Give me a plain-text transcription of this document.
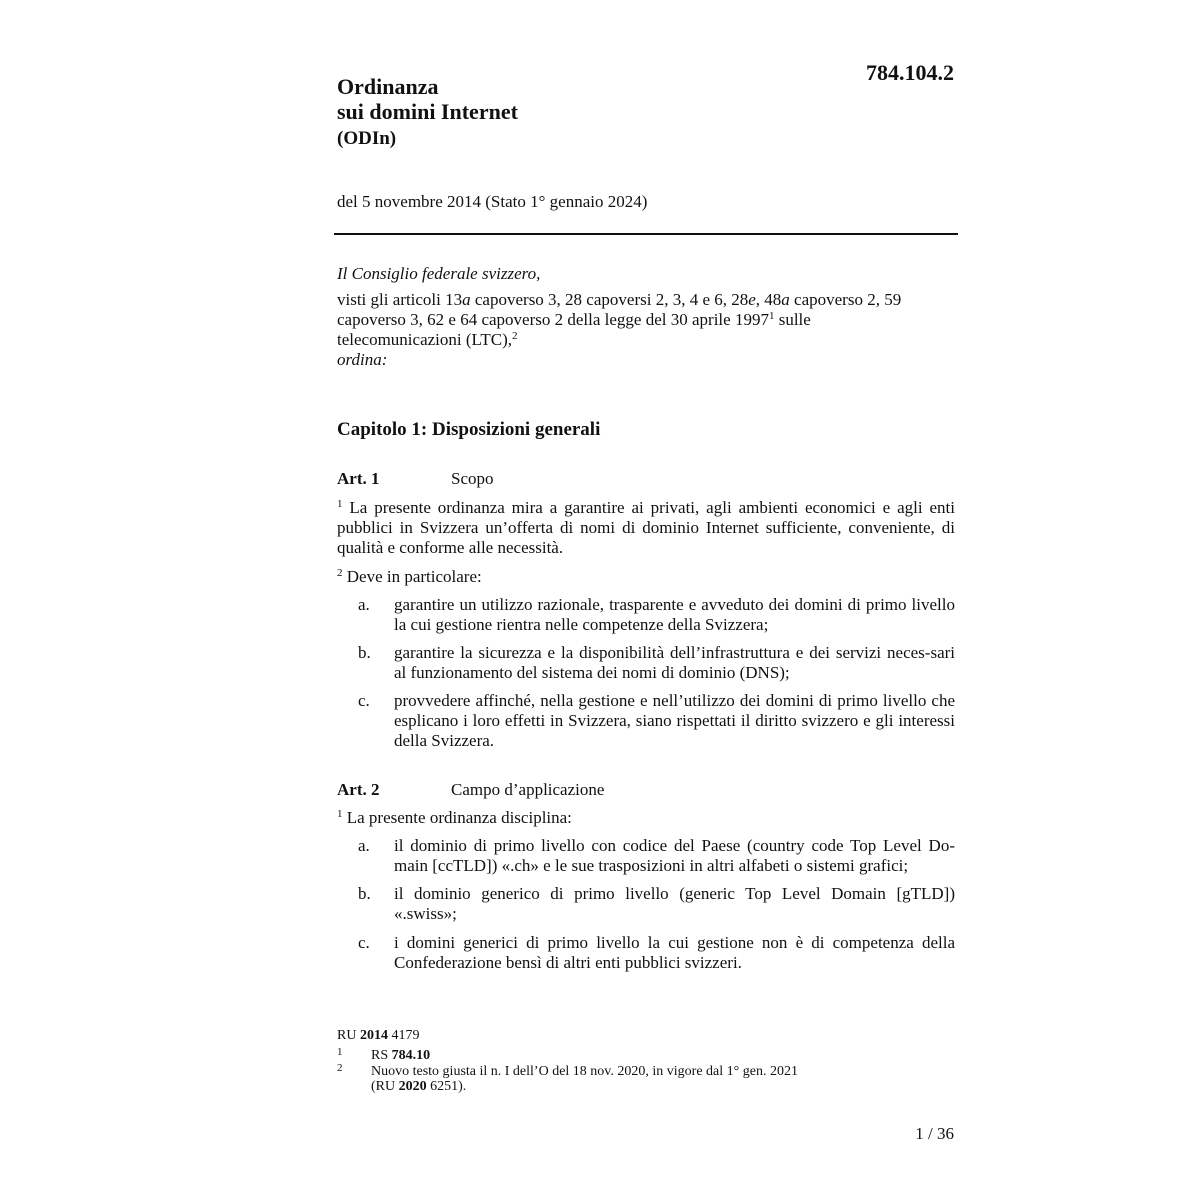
784.104.2
Ordinanza
sui domini Internet
(ODIn)
del 5 novembre 2014 (Stato 1° gennaio 2024)

Il Consiglio federale svizzero,

visti gli articoli 13a capoverso 3, 28 capoversi 2, 3, 4 e 6, 28e, 48a capoverso 2, 59
capoverso 3, 62 e 64 capoverso 2 della legge del 30 aprile 1997$^1$ sulle
telecomunicazioni (LTC),$^2$

ordina:

Capitolo 1: Disposizioni generali
Art. 1	Scopo
$^1$ La presente ordinanza mira a garantire ai privati, agli ambienti economici e agli enti pubblici in Svizzera un’offerta di nomi di dominio Internet sufficiente, conveniente, di qualità e conforme alle necessità.
$^2$ Deve in particolare:
a. garantire un utilizzo razionale, trasparente e avveduto dei domini di primo livello la cui gestione rientra nelle competenze della Svizzera;
b. garantire la sicurezza e la disponibilità dell’infrastruttura e dei servizi neces-sari al funzionamento del sistema dei nomi di dominio (DNS);
c. provvedere affinché, nella gestione e nell’utilizzo dei domini di primo livello che esplicano i loro effetti in Svizzera, siano rispettati il diritto svizzero e gli interessi della Svizzera.
Art. 2	Campo d’applicazione
$^1$ La presente ordinanza disciplina:
a. il dominio di primo livello con codice del Paese (country code Top Level Do-main [ccTLD]) «.ch» e le sue trasposizioni in altri alfabeti o sistemi grafici;
b. il dominio generico di primo livello (generic Top Level Domain [gTLD]) «.swiss»;
c. i domini generici di primo livello la cui gestione non è di competenza della Confederazione bensì di altri enti pubblici svizzeri.
RU 2014 4179
1 RS 784.10
2 Nuovo testo giusta il n. I dell’O del 18 nov. 2020, in vigore dal 1° gen. 2021
(RU 2020 6251).
1 / 36
